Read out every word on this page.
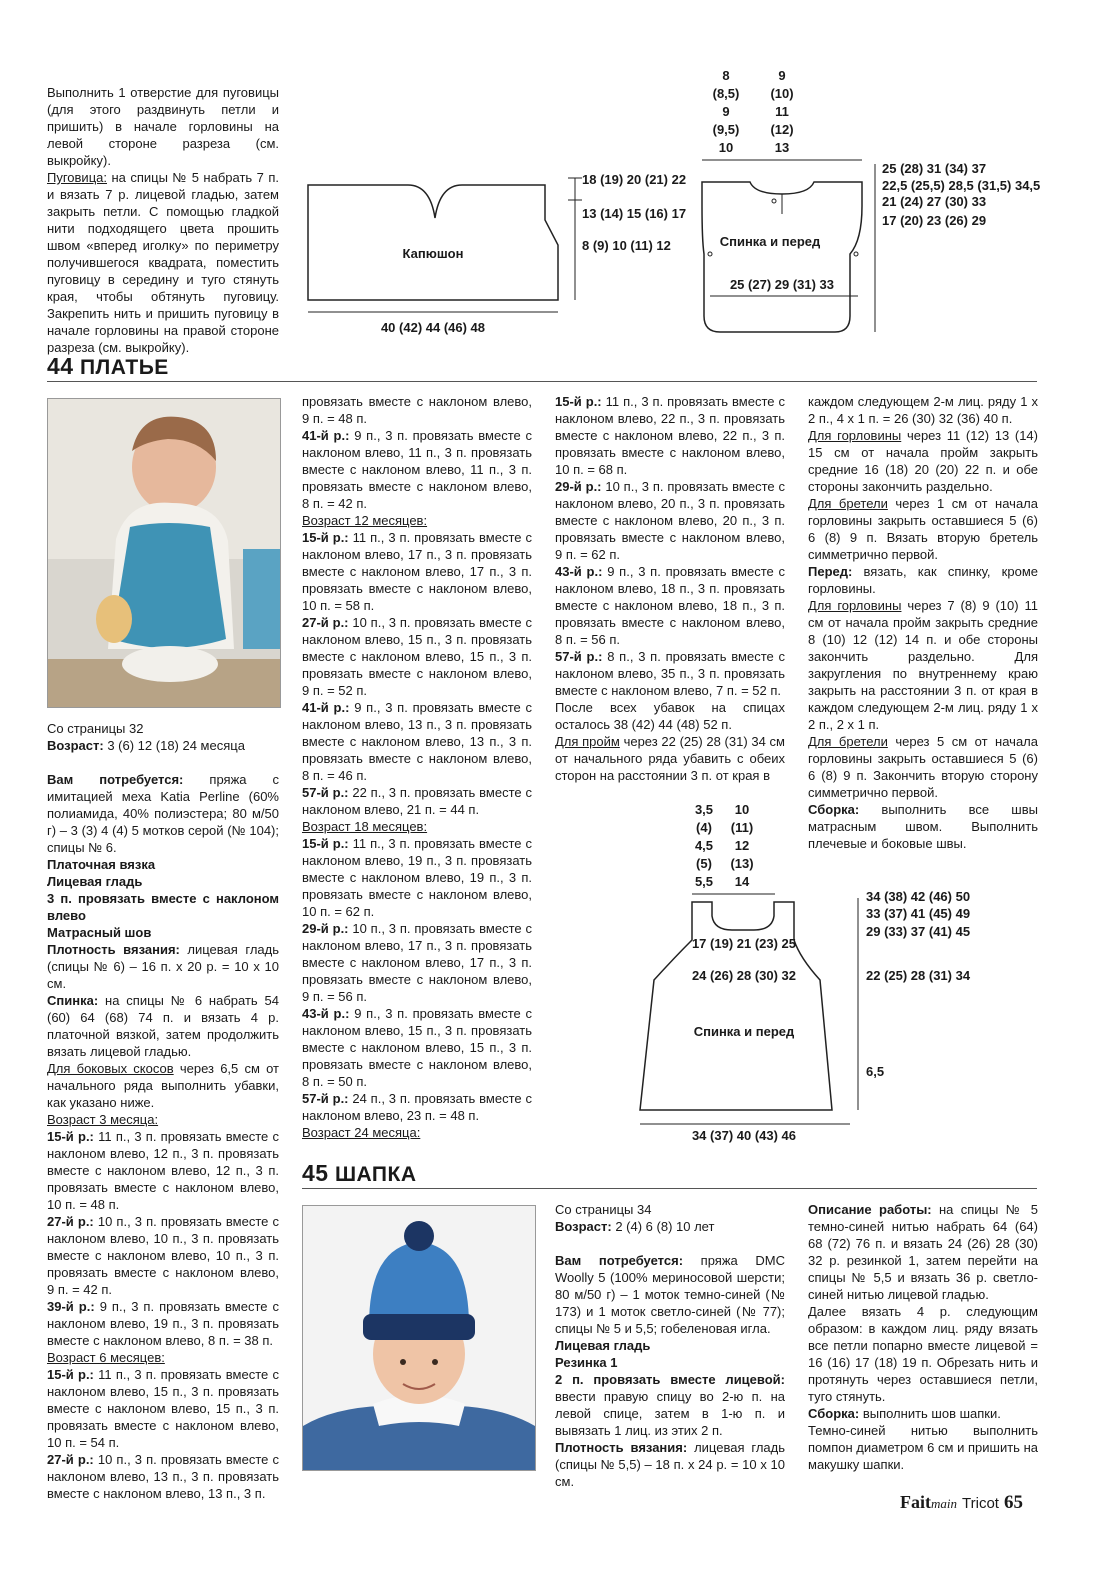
Выполнить 1 отверстие для пуговицы (для этого раздвинуть петли и пришить) в начале горловины на левой стороне разреза (см. выкройку).

Пуговица: на спицы № 5 набрать 7 п. и вязать 7 р. лицевой гладью, затем закрыть петли. С помощью гладкой нити подходящего цвета прошить швом «вперед иголку» по периметру получившегося квадрата, поместить пуговицу в середину и туго стянуть края, чтобы обтянуть пуговицу. Закрепить нить и пришить пуговицу в начале горловины на правой стороне разреза (см. выкройку).

Капюшон
18 (19) 20 (21) 22
13 (14) 15 (16) 17
8 (9) 10 (11) 12
40 (42) 44 (46) 48
8
(8,5)
9
(9,5)
10
9
(10)
11
(12)
13
Спинка и перед
25 (27) 29 (31) 33
25 (28) 31 (34) 37
22,5 (25,5) 28,5 (31,5) 34,5
21 (24) 27 (30) 33
17 (20) 23 (26) 29
44 ПЛАТЬЕ

Со страницы 32

Возраст: 3 (6) 12 (18) 24 месяца

Вам потребуется: пряжа с имитацией меха Katia Perline (60% полиамида, 40% полиэстера; 80 м/50 г) – 3 (3) 4 (4) 5 мотков серой (№ 104); спицы № 6.

Платочная вязка

Лицевая гладь

3 п. провязать вместе с наклоном влево

Матрасный шов

Плотность вязания: лицевая гладь (спицы № 6) – 16 п. х 20 р. = 10 х 10 см.

Спинка: на спицы № 6 набрать 54 (60) 64 (68) 74 п. и вязать 4 р. платочной вязкой, затем продолжить вязать лицевой гладью.

Для боковых скосов через 6,5 см от начального ряда выполнить убавки, как указано ниже.

Возраст 3 месяца:

15-й р.: 11 п., 3 п. провязать вместе с наклоном влево, 12 п., 3 п. провязать вместе с наклоном влево, 12 п., 3 п. провязать вместе с наклоном влево, 10 п. = 48 п.

27-й р.: 10 п., 3 п. провязать вместе с наклоном влево, 10 п., 3 п. провязать вместе с наклоном влево, 10 п., 3 п. провязать вместе с наклоном влево, 9 п. = 42 п.

39-й р.: 9 п., 3 п. провязать вместе с наклоном влево, 19 п., 3 п. провязать вместе с наклоном влево, 8 п. = 38 п.

Возраст 6 месяцев:

15-й р.: 11 п., 3 п. провязать вместе с наклоном влево, 15 п., 3 п. провязать вместе с наклоном влево, 15 п., 3 п. провязать вместе с наклоном влево, 10 п. = 54 п.

27-й р.: 10 п., 3 п. провязать вместе с наклоном влево, 13 п., 3 п. провязать вместе с наклоном влево, 13 п., 3 п.

провязать вместе с наклоном влево, 9 п. = 48 п.

41-й р.: 9 п., 3 п. провязать вместе с наклоном влево, 11 п., 3 п. провязать вместе с наклоном влево, 11 п., 3 п. провязать вместе с наклоном влево, 8 п. = 42 п.

Возраст 12 месяцев:

15-й р.: 11 п., 3 п. провязать вместе с наклоном влево, 17 п., 3 п. провязать вместе с наклоном влево, 17 п., 3 п. провязать вместе с наклоном влево, 10 п. = 58 п.

27-й р.: 10 п., 3 п. провязать вместе с наклоном влево, 15 п., 3 п. провязать вместе с наклоном влево, 15 п., 3 п. провязать вместе с наклоном влево, 9 п. = 52 п.

41-й р.: 9 п., 3 п. провязать вместе с наклоном влево, 13 п., 3 п. провязать вместе с наклоном влево, 13 п., 3 п. провязать вместе с наклоном влево, 8 п. = 46 п.

57-й р.: 22 п., 3 п. провязать вместе с наклоном влево, 21 п. = 44 п.

Возраст 18 месяцев:

15-й р.: 11 п., 3 п. провязать вместе с наклоном влево, 19 п., 3 п. провязать вместе с наклоном влево, 19 п., 3 п. провязать вместе с наклоном влево, 10 п. = 62 п.

29-й р.: 10 п., 3 п. провязать вместе с наклоном влево, 17 п., 3 п. провязать вместе с наклоном влево, 17 п., 3 п. провязать вместе с наклоном влево, 9 п. = 56 п.

43-й р.: 9 п., 3 п. провязать вместе с наклоном влево, 15 п., 3 п. провязать вместе с наклоном влево, 15 п., 3 п. провязать вместе с наклоном влево, 8 п. = 50 п.

57-й р.: 24 п., 3 п. провязать вместе с наклоном влево, 23 п. = 48 п.

Возраст 24 месяца:

15-й р.: 11 п., 3 п. провязать вместе с наклоном влево, 22 п., 3 п. провязать вместе с наклоном влево, 22 п., 3 п. провязать вместе с наклоном влево, 10 п. = 68 п.

29-й р.: 10 п., 3 п. провязать вместе с наклоном влево, 20 п., 3 п. провязать вместе с наклоном влево, 20 п., 3 п. провязать вместе с наклоном влево, 9 п. = 62 п.

43-й р.: 9 п., 3 п. провязать вместе с наклоном влево, 18 п., 3 п. провязать вместе с наклоном влево, 18 п., 3 п. провязать вместе с наклоном влево, 8 п. = 56 п.

57-й р.: 8 п., 3 п. провязать вместе с наклоном влево, 35 п., 3 п. провязать вместе с наклоном влево, 7 п. = 52 п.

После всех убавок на спицах осталось 38 (42) 44 (48) 52 п.

Для пройм через 22 (25) 28 (31) 34 см от начального ряда убавить с обеих сторон на расстоянии 3 п. от края в

каждом следующем 2-м лиц. ряду 1 х 2 п., 4 х 1 п. = 26 (30) 32 (36) 40 п.

Для горловины через 11 (12) 13 (14) 15 см от начала пройм закрыть средние 16 (18) 20 (20) 22 п. и обе стороны закончить раздельно.

Для бретели через 1 см от начала горловины закрыть оставшиеся 5 (6) 6 (8) 9 п. Вязать вторую бретель симметрично первой.

Перед: вязать, как спинку, кроме горловины.

Для горловины через 7 (8) 9 (10) 11 см от начала пройм закрыть средние 8 (10) 12 (12) 14 п. и обе стороны закончить раздельно. Для закругления по внутреннему краю закрыть на расстоянии 3 п. от края в каждом следующем 2-м лиц. ряду 1 х 2 п., 2 х 1 п.

Для бретели через 5 см от начала горловины закрыть оставшиеся 5 (6) 6 (8) 9 п. Закончить вторую сторону симметрично первой.

Сборка: выполнить все швы матрасным швом. Выполнить плечевые и боковые швы.

3,5
(4)
4,5
(5)
5,5
10
(11)
12
(13)
14
17 (19) 21 (23) 25
24 (26) 28 (30) 32
Спинка и перед
34 (37) 40 (43) 46
34 (38) 42 (46) 50
33 (37) 41 (45) 49
29 (33) 37 (41) 45
22 (25) 28 (31) 34
6,5
45 ШАПКА

Со страницы 34

Возраст: 2 (4) 6 (8) 10 лет

Вам потребуется: пряжа DMC Woolly 5 (100% мериносовой шерсти; 80 м/50 г) – 1 моток темно-синей (№ 173) и 1 моток светло-синей (№ 77); спицы № 5 и 5,5; гобеленовая игла.

Лицевая гладь

Резинка 1

2 п. провязать вместе лицевой: ввести правую спицу во 2-ю п. на левой спице, затем в 1-ю п. и вывязать 1 лиц. из этих 2 п.

Плотность вязания: лицевая гладь (спицы № 5,5) – 18 п. х 24 р. = 10 х 10 см.

Описание работы: на спицы № 5 темно-синей нитью набрать 64 (64) 68 (72) 76 п. и вязать 24 (26) 28 (30) 32 р. резинкой 1, затем перейти на спицы № 5,5 и вязать 36 р. светло-синей нитью лицевой гладью.

Далее вязать 4 р. следующим образом: в каждом лиц. ряду вязать все петли попарно вместе лицевой = 16 (16) 17 (18) 19 п. Обрезать нить и протянуть через оставшиеся петли, туго стянуть.

Сборка: выполнить шов шапки.

Темно-синей нитью выполнить помпон диаметром 6 см и пришить на макушку шапки.

Faitmain Tricot 65
